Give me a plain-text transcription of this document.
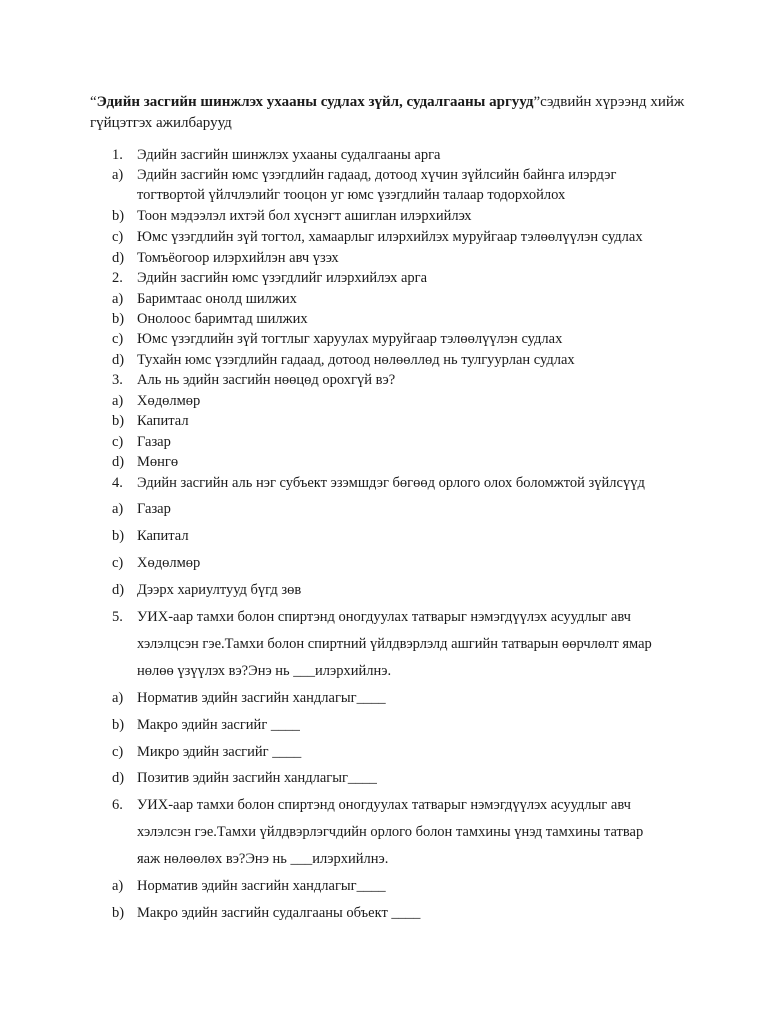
“Эдийн засгийн шинжлэх ухааны судлах зүйл, судалгааны аргууд”сэдвийн хүрээнд хийж гүйцэтгэх ажилбарууд
1. Эдийн засгийн шинжлэх ухааны судалгааны арга
a) Эдийн засгийн юмс үзэгдлийн гадаад, дотоод хүчин зүйлсийн байнга илэрдэг
тогтвортой үйлчлэлийг тооцон уг юмс үзэгдлийн талаар тодорхойлох
b) Тоон мэдээлэл ихтэй бол хүснэгт ашиглан илэрхийлэх
c) Юмс үзэгдлийн зүй тогтол, хамаарлыг илэрхийлэх муруйгаар тэлөөлүүлэн судлах
d) Томъёогоор илэрхийлэн авч үзэх
2. Эдийн засгийн юмс үзэгдлийг илэрхийлэх арга
a) Баримтаас онолд шилжих
b) Онолоос баримтад шилжих
c) Юмс үзэгдлийн зүй тогтлыг харуулах муруйгаар тэлөөлүүлэн судлах
d) Тухайн юмс үзэгдлийн гадаад, дотоод нөлөөллөд нь тулгуурлан судлах
3. Аль нь эдийн засгийн нөөцөд орохгүй вэ?
a) Хөдөлмөр
b) Капитал
c) Газар
d) Мөнгө
4. Эдийн засгийн аль нэг субъект эзэмшдэг бөгөөд орлого олох боломжтой зүйлсүүд
a) Газар
b) Капитал
c) Хөдөлмөр
d) Дээрх хариултууд бүгд зөв
5. УИХ-аар тамхи болон спиртэнд оногдуулах татварыг нэмэгдүүлэх асуудлыг авч
хэлэлцсэн гэе.Тамхи болон спиртний үйлдвэрлэлд ашгийн татварын өөрчлөлт ямар
нөлөө үзүүлэх вэ?Энэ нь ___илэрхийлнэ.
a) Норматив эдийн засгийн хандлагыг____
b) Макро эдийн засгийг ____
c) Микро эдийн засгийг ____
d) Позитив эдийн засгийн хандлагыг____
6. УИХ-аар тамхи болон спиртэнд оногдуулах татварыг нэмэгдүүлэх асуудлыг авч
хэлэлсэн гэе.Тамхи үйлдвэрлэгчдийн орлого болон тамхины үнэд тамхины татвар
яаж нөлөөлөх вэ?Энэ нь ___илэрхийлнэ.
a) Норматив эдийн засгийн хандлагыг____
b) Макро эдийн засгийн судалгааны объект ____
